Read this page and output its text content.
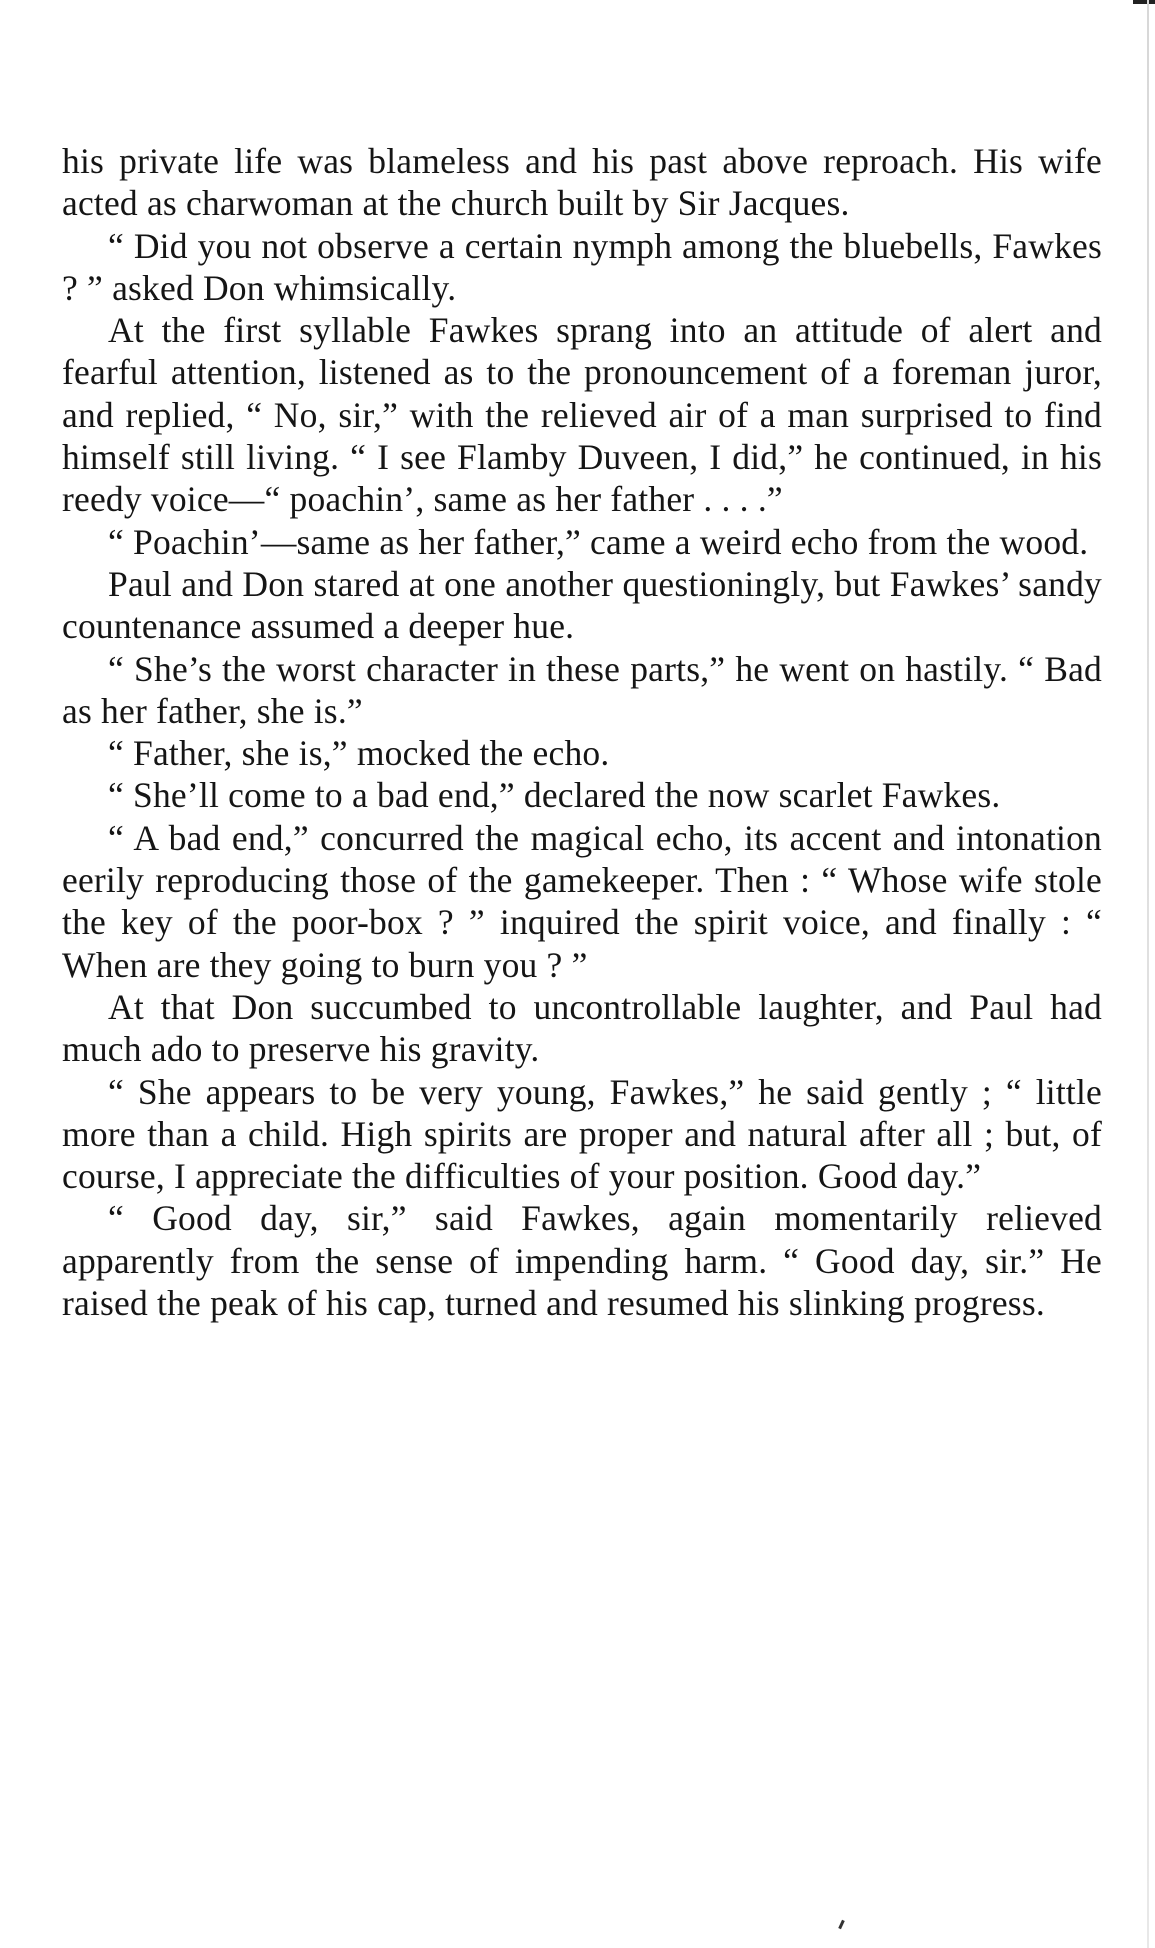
his private life was blameless and his past above reproach. His wife acted as charwoman at the church built by Sir Jacques.

“ Did you not observe a certain nymph among the bluebells, Fawkes ? ” asked Don whimsically.

At the first syllable Fawkes sprang into an attitude of alert and fearful attention, listened as to the pronouncement of a foreman juror, and replied, “ No, sir,” with the relieved air of a man surprised to find himself still living. “ I see Flamby Duveen, I did,” he continued, in his reedy voice—“ poachin’, same as her father . . . .”

“ Poachin’—same as her father,” came a weird echo from the wood.

Paul and Don stared at one another questioningly, but Fawkes’ sandy countenance assumed a deeper hue.

“ She’s the worst character in these parts,” he went on hastily. “ Bad as her father, she is.”

“ Father, she is,” mocked the echo.

“ She’ll come to a bad end,” declared the now scarlet Fawkes.

“ A bad end,” concurred the magical echo, its accent and intonation eerily reproducing those of the gamekeeper. Then : “ Whose wife stole the key of the poor-box ? ” inquired the spirit voice, and finally : “ When are they going to burn you ? ”

At that Don succumbed to uncontrollable laughter, and Paul had much ado to preserve his gravity.

“ She appears to be very young, Fawkes,” he said gently ; “ little more than a child. High spirits are proper and natural after all ; but, of course, I appreciate the difficulties of your position. Good day.”

“ Good day, sir,” said Fawkes, again momentarily relieved apparently from the sense of impending harm. “ Good day, sir.” He raised the peak of his cap, turned and resumed his slinking progress.
